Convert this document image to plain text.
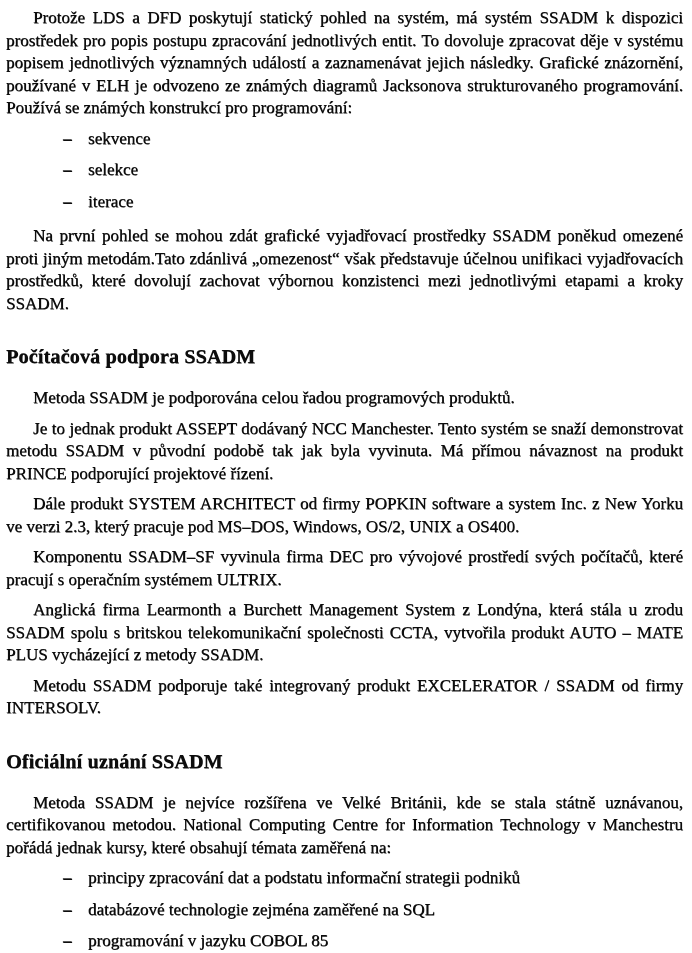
Protože LDS a DFD poskytují statický pohled na systém, má systém SSADM k dispozici prostředek pro popis postupu zpracování jednotlivých entit. To dovoluje zpracovat děje v systému popisem jednotlivých významných událostí a zaznamenávat jejich následky. Grafické znázornění, používané v ELH je odvozeno ze známých diagramů Jacksonova strukturovaného programování. Používá se známých konstrukcí pro programování:

– sekvence
– selekce
– iterace

Na první pohled se mohou zdát grafické vyjadřovací prostředky SSADM poněkud omezené proti jiným metodám.Tato zdánlivá „omezenost“ však představuje účelnou unifikaci vyjadřovacích prostředků, které dovolují zachovat výbornou konzistenci mezi jednotlivými etapami a kroky SSADM.

Počítačová podpora SSADM

Metoda SSADM je podporována celou řadou programových produktů.

Je to jednak produkt ASSEPT dodávaný NCC Manchester. Tento systém se snaží demonstrovat metodu SSADM v původní podobě tak jak byla vyvinuta. Má přímou návaznost na produkt PRINCE podporující projektové řízení.

Dále produkt SYSTEM ARCHITECT od firmy POPKIN software a system Inc. z New Yorku ve verzi 2.3, který pracuje pod MS–DOS, Windows, OS/2, UNIX a OS400.

Komponentu SSADM–SF vyvinula firma DEC pro vývojové prostředí svých počítačů, které pracují s operačním systémem ULTRIX.

Anglická firma Learmonth a Burchett Management System z Londýna, která stála u zrodu SSADM spolu s britskou telekomunikační společnosti CCTA, vytvořila produkt AUTO – MATE PLUS vycházející z metody SSADM.

Metodu SSADM podporuje také integrovaný produkt EXCELERATOR / SSADM od firmy INTERSOLV.

Oficiální uznání SSADM

Metoda SSADM je nejvíce rozšířena ve Velké Británii, kde se stala státně uznávanou, certifikovanou metodou. National Computing Centre for Information Technology v Manchestru pořádá jednak kursy, které obsahují témata zaměřená na:

– principy zpracování dat a podstatu informační strategii podniků
– databázové technologie zejména zaměřené na SQL
– programování v jazyku COBOL 85
